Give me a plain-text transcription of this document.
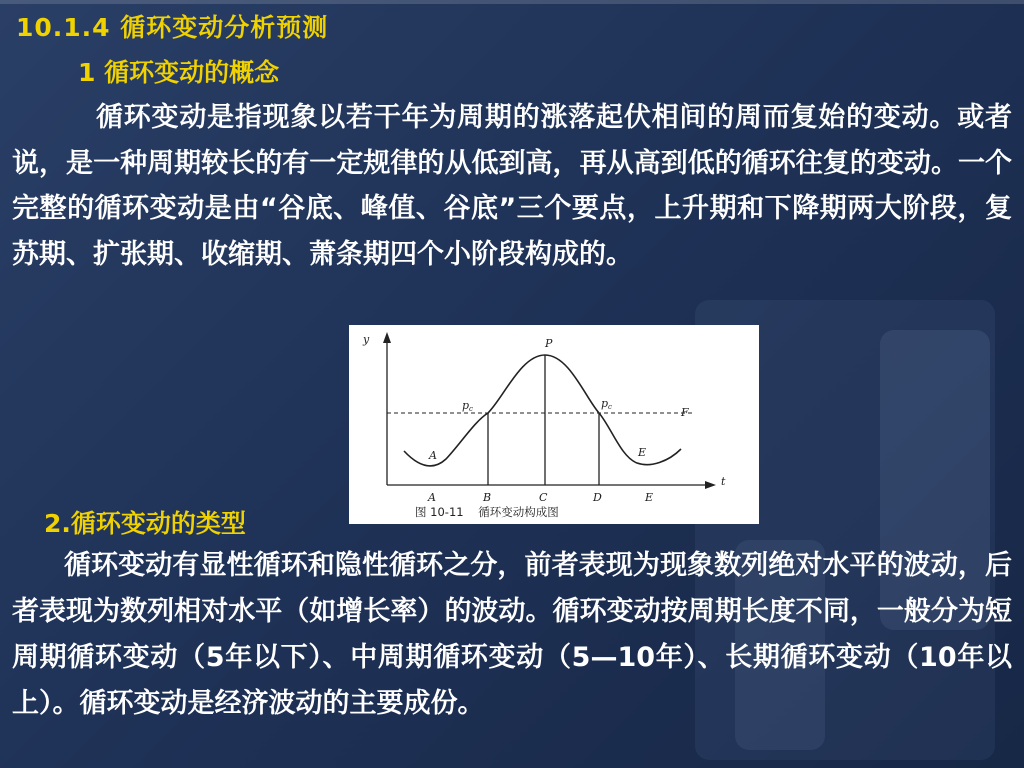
10.1.4 循环变动分析预测
1 循环变动的概念

循环变动是指现象以若干年为周期的涨落起伏相间的周而复始的变动。或者说，是一种周期较长的有一定规律的从低到高，再从高到低的循环往复的变动。一个完整的循环变动是由“谷底、峰值、谷底”三个要点，上升期和下降期两大阶段，复苏期、扩张期、收缩期、萧条期四个小阶段构成的。

y
t
P
pc	pc	F
A	E
A	B	C	D	E
图 10-11    循环变动构成图
2.循环变动的类型

循环变动有显性循环和隐性循环之分，前者表现为现象数列绝对水平的波动，后者表现为数列相对水平（如增长率）的波动。循环变动按周期长度不同，一般分为短周期循环变动（5年以下）、中周期循环变动（5—10年）、长期循环变动（10年以上）。循环变动是经济波动的主要成份。
